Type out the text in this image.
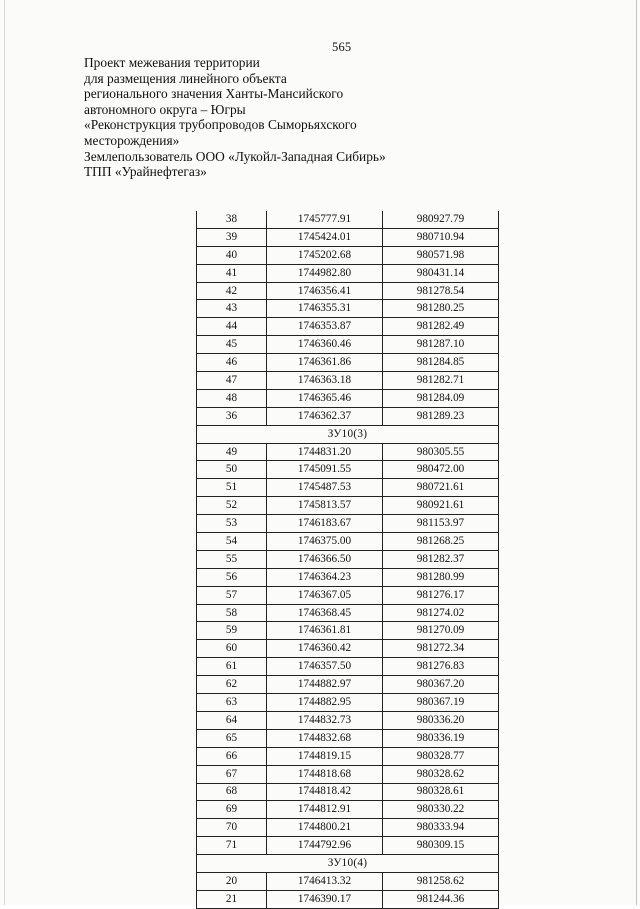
565
Проект межевания территории
для размещения линейного объекта
регионального значения Ханты-Мансийского
автономного округа – Югры
«Реконструкция трубопроводов Сыморьяхского
месторождения»
Землепользователь ООО «Лукойл-Западная Сибирь»
ТПП «Урайнефтегаз»
38	1745777.91	980927.79
39	1745424.01	980710.94
40	1745202.68	980571.98
41	1744982.80	980431.14
42	1746356.41	981278.54
43	1746355.31	981280.25
44	1746353.87	981282.49
45	1746360.46	981287.10
46	1746361.86	981284.85
47	1746363.18	981282.71
48	1746365.46	981284.09
36	1746362.37	981289.23
ЗУ10(3)		
49	1744831.20	980305.55
50	1745091.55	980472.00
51	1745487.53	980721.61
52	1745813.57	980921.61
53	1746183.67	981153.97
54	1746375.00	981268.25
55	1746366.50	981282.37
56	1746364.23	981280.99
57	1746367.05	981276.17
58	1746368.45	981274.02
59	1746361.81	981270.09
60	1746360.42	981272.34
61	1746357.50	981276.83
62	1744882.97	980367.20
63	1744882.95	980367.19
64	1744832.73	980336.20
65	1744832.68	980336.19
66	1744819.15	980328.77
67	1744818.68	980328.62
68	1744818.42	980328.61
69	1744812.91	980330.22
70	1744800.21	980333.94
71	1744792.96	980309.15
ЗУ10(4)		
20	1746413.32	981258.62
21	1746390.17	981244.36
